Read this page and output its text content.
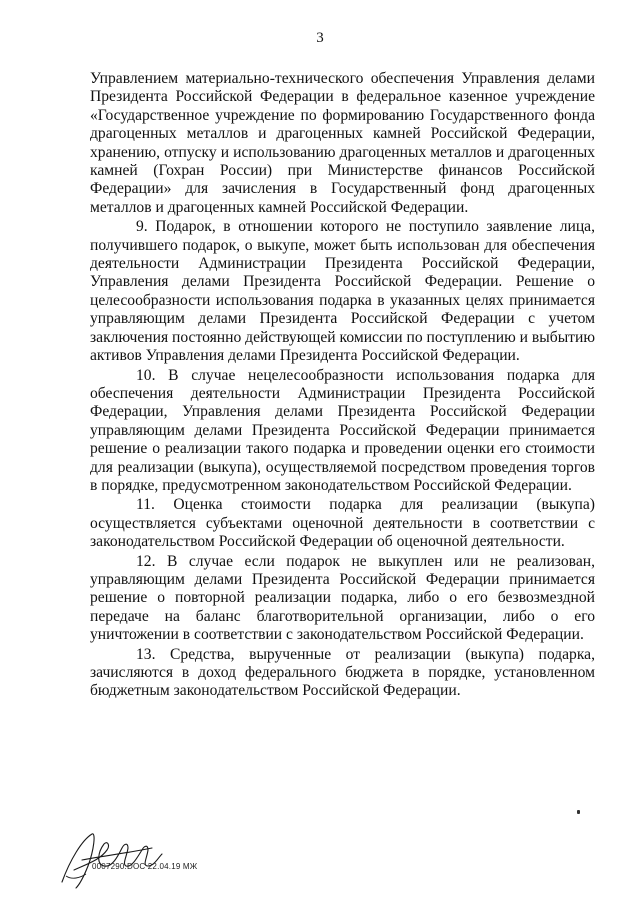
3

Управлением материально-технического обеспечения Управления делами Президента Российской Федерации в федеральное казенное учреждение «Государственное учреждение по формированию Государственного фонда драгоценных металлов и драгоценных камней Российской Федерации, хранению, отпуску и использованию драгоценных металлов и драгоценных камней (Гохран России) при Министерстве финансов Российской Федерации» для зачисления в Государственный фонд драгоценных металлов и драгоценных камней Российской Федерации.

9. Подарок, в отношении которого не поступило заявление лица, получившего подарок, о выкупе, может быть использован для обеспечения деятельности Администрации Президента Российской Федерации, Управления делами Президента Российской Федерации. Решение о целесообразности использования подарка в указанных целях принимается управляющим делами Президента Российской Федерации с учетом заключения постоянно действующей комиссии по поступлению и выбытию активов Управления делами Президента Российской Федерации.

10. В случае нецелесообразности использования подарка для обеспечения деятельности Администрации Президента Российской Федерации, Управления делами Президента Российской Федерации управляющим делами Президента Российской Федерации принимается решение о реализации такого подарка и проведении оценки его стоимости для реализации (выкупа), осуществляемой посредством проведения торгов в порядке, предусмотренном законодательством Российской Федерации.

11. Оценка стоимости подарка для реализации (выкупа) осуществляется субъектами оценочной деятельности в соответствии с законодательством Российской Федерации об оценочной деятельности.

12. В случае если подарок не выкуплен или не реализован, управляющим делами Президента Российской Федерации принимается решение о повторной реализации подарка, либо о его безвозмездной передаче на баланс благотворительной организации, либо о его уничтожении в соответствии с законодательством Российской Федерации.

13. Средства, вырученные от реализации (выкупа) подарка, зачисляются в доход федерального бюджета в порядке, установленном бюджетным законодательством Российской Федерации.

0007290.DOC 22.04.19 МЖ
